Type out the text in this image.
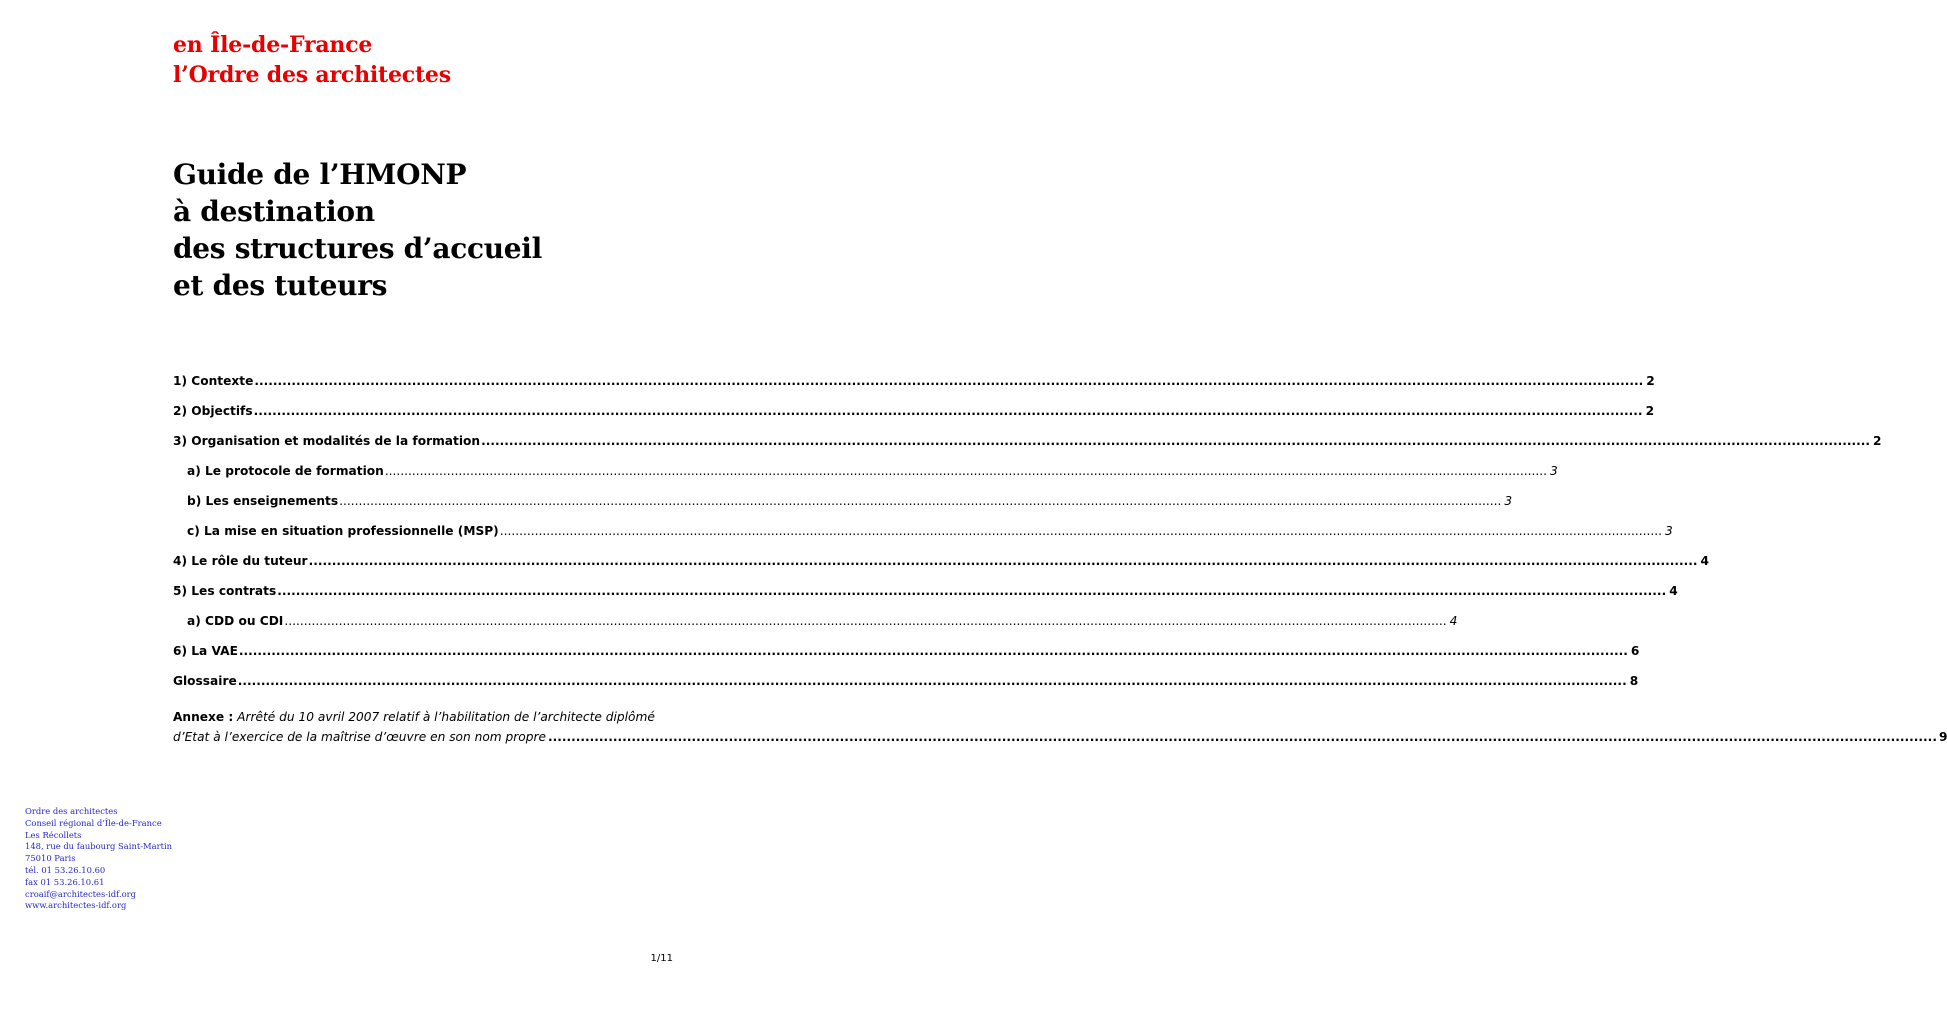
en Île-de-France
l’Ordre des architectes
Guide de l’HMONP
à destination
des structures d’accueil
et des tuteurs
1) Contexte ............................................................................................................................................................................................................................................................................................................ 2
2) Objectifs ............................................................................................................................................................................................................................................................................................................ 2
3) Organisation et modalités de la formation ............................................................................................................................................................................................................................................................................................................ 2
a) Le protocole de formation ............................................................................................................................................................................................................................................................................................................ 3
b) Les enseignements ............................................................................................................................................................................................................................................................................................................ 3
c) La mise en situation professionnelle (MSP) ............................................................................................................................................................................................................................................................................................................ 3
4) Le rôle du tuteur ............................................................................................................................................................................................................................................................................................................ 4
5) Les contrats ............................................................................................................................................................................................................................................................................................................ 4
a) CDD ou CDI ............................................................................................................................................................................................................................................................................................................ 4
6) La VAE ............................................................................................................................................................................................................................................................................................................ 6
Glossaire ............................................................................................................................................................................................................................................................................................................ 8
Annexe : Arrêté du 10 avril 2007 relatif à l’habilitation de l’architecte diplômé
d’Etat à l’exercice de la maîtrise d’œuvre en son nom propre ............................................................................................................................................................................................................................................................................................................ 9
Ordre des architectes
Conseil régional d’Île-de-France
Les Récollets
148, rue du faubourg Saint-Martin
75010 Paris
tél. 01 53.26.10.60
fax 01 53.26.10.61
croaif@architectes-idf.org
www.architectes-idf.org
1/11
